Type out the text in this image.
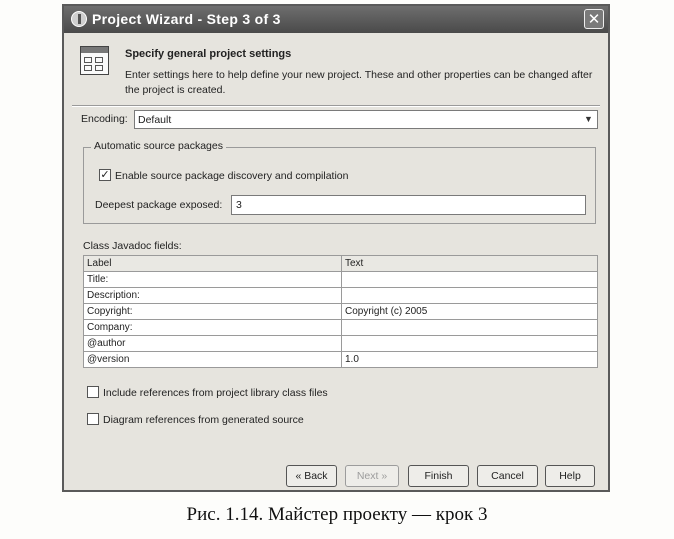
Project Wizard - Step 3 of 3	✕
Specify general project settings
Enter settings here to help define your new project. These and other properties can be changed after the project is created.
Encoding: Default	▼
Automatic source packages
✓ Enable source package discovery and compilation
Deepest package exposed: 3
Class Javadoc fields:
Label	Text
Title:	
Description:	
Copyright:	Copyright (c) 2005
Company:	
@author	
@version	1.0
Include references from project library class files
Diagram references from generated source
« Back	Next »	Finish	Cancel	Help
Рис. 1.14. Майстер проекту — крок 3
